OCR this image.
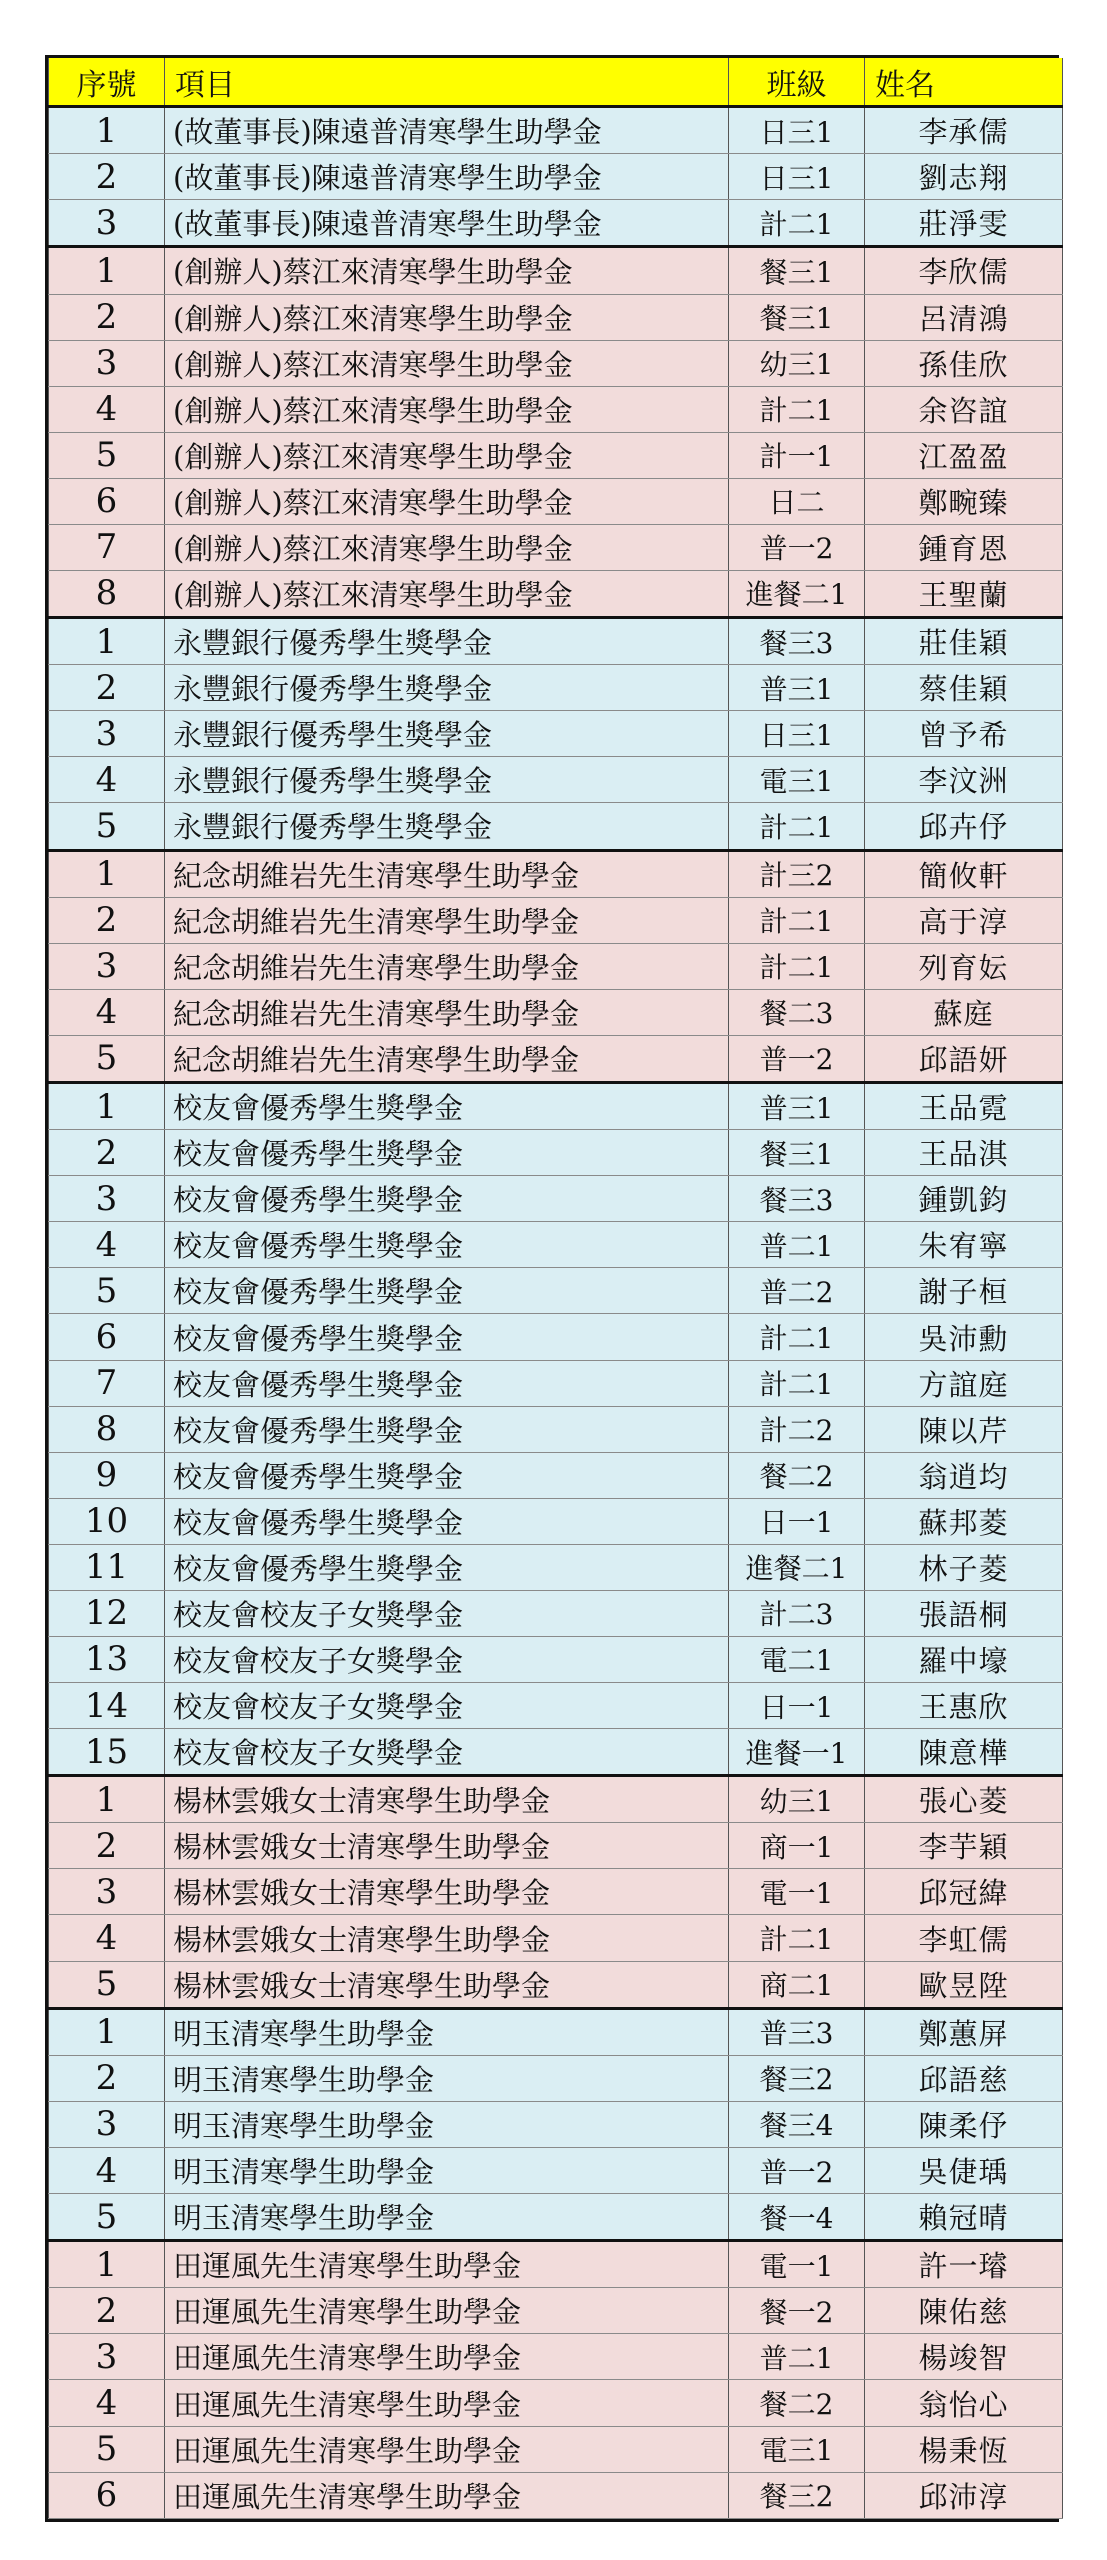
序號	項目	班級	姓名
1	(故董事長)陳遠普清寒學生助學金	日三1	李承儒
2	(故董事長)陳遠普清寒學生助學金	日三1	劉志翔
3	(故董事長)陳遠普清寒學生助學金	計二1	莊淨雯
1	(創辦人)蔡江來清寒學生助學金	餐三1	李欣儒
2	(創辦人)蔡江來清寒學生助學金	餐三1	呂清鴻
3	(創辦人)蔡江來清寒學生助學金	幼三1	孫佳欣
4	(創辦人)蔡江來清寒學生助學金	計二1	余咨誼
5	(創辦人)蔡江來清寒學生助學金	計一1	江盈盈
6	(創辦人)蔡江來清寒學生助學金	日二	鄭畹臻
7	(創辦人)蔡江來清寒學生助學金	普一2	鍾育恩
8	(創辦人)蔡江來清寒學生助學金	進餐二1	王聖蘭
1	永豐銀行優秀學生獎學金	餐三3	莊佳穎
2	永豐銀行優秀學生獎學金	普三1	蔡佳穎
3	永豐銀行優秀學生獎學金	日三1	曾予希
4	永豐銀行優秀學生獎學金	電三1	李汶洲
5	永豐銀行優秀學生獎學金	計二1	邱卉伃
1	紀念胡維岩先生清寒學生助學金	計三2	簡攸軒
2	紀念胡維岩先生清寒學生助學金	計二1	高于淳
3	紀念胡維岩先生清寒學生助學金	計二1	列育妘
4	紀念胡維岩先生清寒學生助學金	餐二3	蘇庭
5	紀念胡維岩先生清寒學生助學金	普一2	邱語妍
1	校友會優秀學生獎學金	普三1	王品霓
2	校友會優秀學生獎學金	餐三1	王品淇
3	校友會優秀學生獎學金	餐三3	鍾凱鈞
4	校友會優秀學生獎學金	普二1	朱宥寧
5	校友會優秀學生獎學金	普二2	謝子桓
6	校友會優秀學生獎學金	計二1	吳沛勳
7	校友會優秀學生獎學金	計二1	方誼庭
8	校友會優秀學生獎學金	計二2	陳以芹
9	校友會優秀學生獎學金	餐二2	翁逍均
10	校友會優秀學生獎學金	日一1	蘇邦菱
11	校友會優秀學生獎學金	進餐二1	林子菱
12	校友會校友子女獎學金	計二3	張語桐
13	校友會校友子女獎學金	電二1	羅中壕
14	校友會校友子女獎學金	日一1	王惠欣
15	校友會校友子女獎學金	進餐一1	陳意樺
1	楊林雲娥女士清寒學生助學金	幼三1	張心菱
2	楊林雲娥女士清寒學生助學金	商一1	李芋穎
3	楊林雲娥女士清寒學生助學金	電一1	邱冠緯
4	楊林雲娥女士清寒學生助學金	計二1	李虹儒
5	楊林雲娥女士清寒學生助學金	商二1	歐昱陞
1	明玉清寒學生助學金	普三3	鄭蕙屏
2	明玉清寒學生助學金	餐三2	邱語慈
3	明玉清寒學生助學金	餐三4	陳柔伃
4	明玉清寒學生助學金	普一2	吳倢瑀
5	明玉清寒學生助學金	餐一4	賴冠晴
1	田運風先生清寒學生助學金	電一1	許一璿
2	田運風先生清寒學生助學金	餐一2	陳佑慈
3	田運風先生清寒學生助學金	普二1	楊竣智
4	田運風先生清寒學生助學金	餐二2	翁怡心
5	田運風先生清寒學生助學金	電三1	楊秉恆
6	田運風先生清寒學生助學金	餐三2	邱沛淳
